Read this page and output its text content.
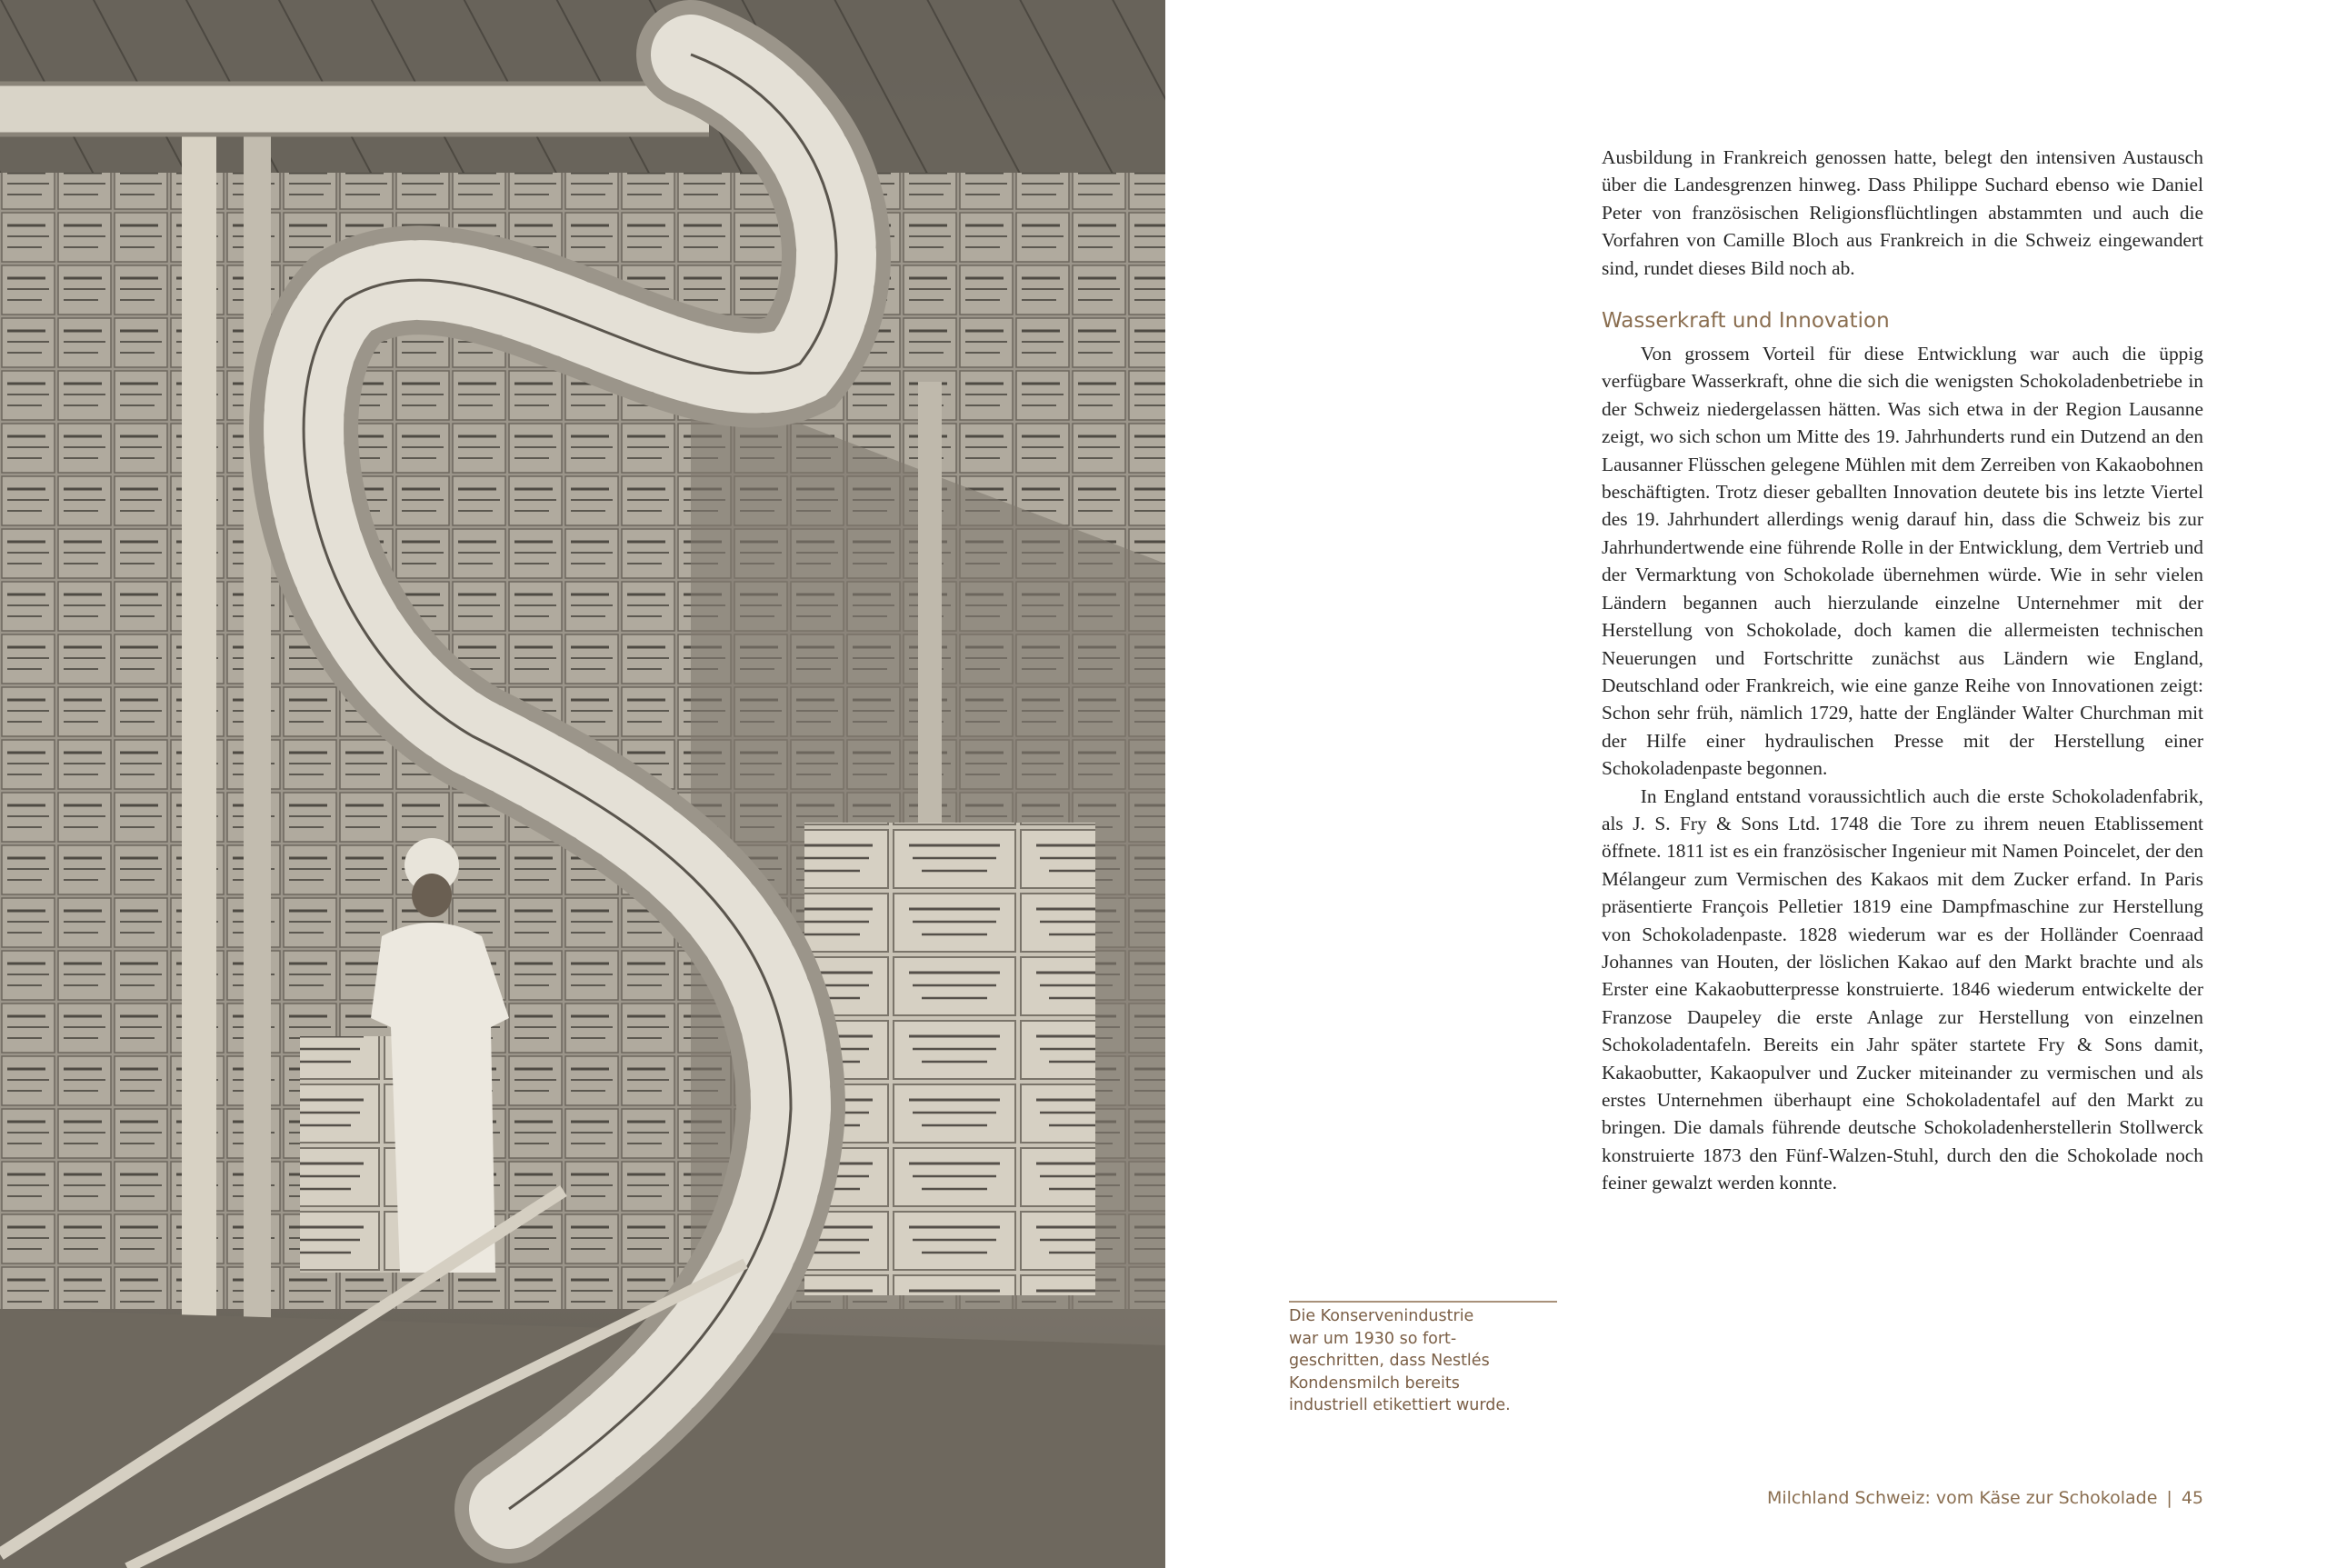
Ausbildung in Frankreich genossen hatte, belegt den intensiven Austausch über die Landesgrenzen hinweg. Dass Philippe Suchard ebenso wie Daniel Peter von französischen Religionsflüchtlingen abstammten und auch die Vorfahren von Camille Bloch aus Frankreich in die Schweiz eingewandert sind, rundet dieses Bild noch ab.

Wasserkraft und Innovation

Von grossem Vorteil für diese Entwicklung war auch die üppig verfügbare Wasserkraft, ohne die sich die wenigsten Schokoladenbetriebe in der Schweiz niedergelassen hätten. Was sich etwa in der Region Lausanne zeigt, wo sich schon um Mitte des 19. Jahrhunderts rund ein Dutzend an den Lausanner Flüsschen gelegene Mühlen mit dem Zerreiben von Kakaobohnen beschäftigten. Trotz dieser geballten Innovation deutete bis ins letzte Viertel des 19. Jahrhundert allerdings wenig darauf hin, dass die Schweiz bis zur Jahrhundertwende eine führende Rolle in der Entwicklung, dem Vertrieb und der Vermarktung von Schokolade übernehmen würde. Wie in sehr vielen Ländern begannen auch hierzulande einzelne Unternehmer mit der Herstellung von Schokolade, doch kamen die allermeisten technischen Neuerungen und Fortschritte zunächst aus Ländern wie England, Deutschland oder Frankreich, wie eine ganze Reihe von Innovationen zeigt: Schon sehr früh, nämlich 1729, hatte der Engländer Walter Churchman mit der Hilfe einer hydraulischen Presse mit der Herstellung einer Schokoladenpaste begonnen.

In England entstand voraussichtlich auch die erste Schokoladenfabrik, als J. S. Fry & Sons Ltd. 1748 die Tore zu ihrem neuen Etablissement öffnete. 1811 ist es ein französischer Ingenieur mit Namen Poincelet, der den Mélangeur zum Vermischen des Kakaos mit dem Zucker erfand. In Paris präsentierte François Pelletier 1819 eine Dampfmaschine zur Herstellung von Schokoladenpaste. 1828 wiederum war es der Holländer Coenraad Johannes van Houten, der löslichen Kakao auf den Markt brachte und als Erster eine Kakaobutterpresse konstruierte. 1846 wiederum entwickelte der Franzose Daupeley die erste Anlage zur Herstellung von einzelnen Schokoladentafeln. Bereits ein Jahr später startete Fry & Sons damit, Kakaobutter, Kakaopulver und Zucker miteinander zu vermischen und als erstes Unternehmen überhaupt eine Schokoladentafel auf den Markt zu bringen. Die damals führende deutsche Schokoladenherstellerin Stollwerck konstruierte 1873 den Fünf-Walzen-Stuhl, durch den die Schokolade noch feiner gewalzt werden konnte.

Die Konservenindustrie
war um 1930 so fort-
geschritten, dass Nestlés
Kondensmilch bereits
industriell etikettiert wurde.
Milchland Schweiz: vom Käse zur Schokolade | 45
